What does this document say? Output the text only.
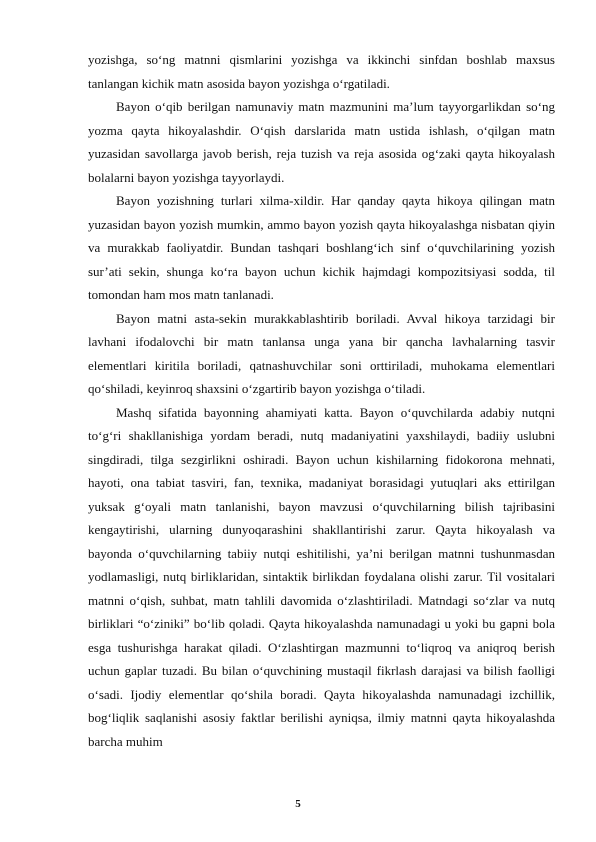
yozishga, so‘ng matnni qismlarini yozishga va ikkinchi sinfdan boshlab maxsus tanlangan kichik matn asosida bayon yozishga o‘rgatiladi.

Bayon o‘qib berilgan namunaviy matn mazmunini ma’lum tayyorgarlikdan so‘ng yozma qayta hikoyalashdir. O‘qish darslarida matn ustida ishlash, o‘qilgan matn yuzasidan savollarga javob berish, reja tuzish va reja asosida og‘zaki qayta hikoyalash bolalarni bayon yozishga tayyorlaydi.

Bayon yozishning turlari xilma-xildir. Har qanday qayta hikoya qilingan matn yuzasidan bayon yozish mumkin, ammo bayon yozish qayta hikoyalashga nisbatan qiyin va murakkab faoliyatdir. Bundan tashqari boshlang‘ich sinf o‘quvchilarining yozish sur’ati sekin, shunga ko‘ra bayon uchun kichik hajmdagi kompozitsiyasi sodda, til tomondan ham mos matn tanlanadi.

Bayon matni asta-sekin murakkablashtirib boriladi. Avval hikoya tarzidagi bir lavhani ifodalovchi bir matn tanlansa unga yana bir qancha lavhalarning tasvir elementlari kiritila boriladi, qatnashuvchilar soni orttiriladi, muhokama elementlari qo‘shiladi, keyinroq shaxsini o‘zgartirib bayon yozishga o‘tiladi.

Mashq sifatida bayonning ahamiyati katta. Bayon o‘quvchilarda adabiy nutqni to‘g‘ri shakllanishiga yordam beradi, nutq madaniyatini yaxshilaydi, badiiy uslubni singdiradi, tilga sezgirlikni oshiradi. Bayon uchun kishilarning fidokorona mehnati, hayoti, ona tabiat tasviri, fan, texnika, madaniyat borasidagi yutuqlari aks ettirilgan yuksak g‘oyali matn tanlanishi, bayon mavzusi o‘quvchilarning bilish tajribasini kengaytirishi, ularning dunyoqarashini shakllantirishi zarur. Qayta hikoyalash va bayonda o‘quvchilarning tabiiy nutqi eshitilishi, ya’ni berilgan matnni tushunmasdan yodlamasligi, nutq birliklaridan, sintaktik birlikdan foydalana olishi zarur. Til vositalari matnni o‘qish, suhbat, matn tahlili davomida o‘zlashtiriladi. Matndagi so‘zlar va nutq birliklari “o‘ziniki” bo‘lib qoladi. Qayta hikoyalashda namunadagi u yoki bu gapni bola esga tushurishga harakat qiladi. O‘zlashtirgan mazmunni to‘liqroq va aniqroq berish uchun gaplar tuzadi. Bu bilan o‘quvchining mustaqil fikrlash darajasi va bilish faolligi o‘sadi. Ijodiy elementlar qo‘shila boradi. Qayta hikoyalashda namunadagi izchillik, bog‘liqlik saqlanishi asosiy faktlar berilishi ayniqsa, ilmiy matnni qayta hikoyalashda barcha muhim

5
